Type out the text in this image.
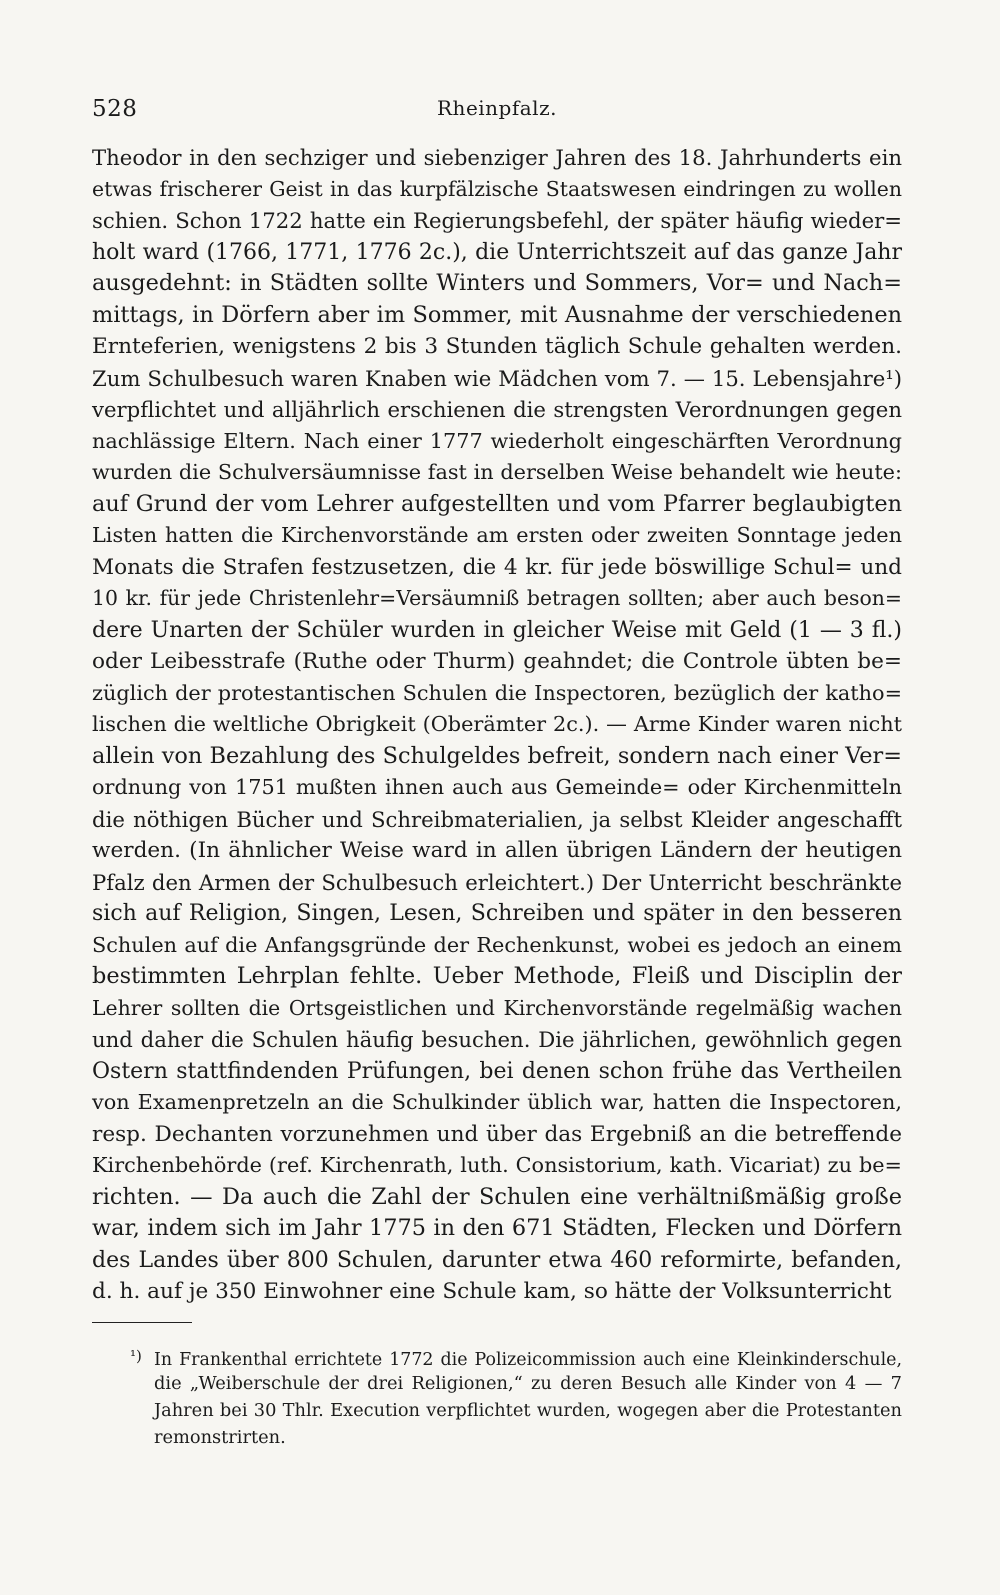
528	Rheinpfalz.
Theodor in den sechziger und siebenziger Jahren des 18. Jahrhunderts ein
etwas frischerer Geist in das kurpfälzische Staatswesen eindringen zu wollen
schien. Schon 1722 hatte ein Regierungsbefehl, der später häufig wieder=
holt ward (1766, 1771, 1776 2c.), die Unterrichtszeit auf das ganze Jahr
ausgedehnt: in Städten sollte Winters und Sommers, Vor= und Nach=
mittags, in Dörfern aber im Sommer, mit Ausnahme der verschiedenen
Ernteferien, wenigstens 2 bis 3 Stunden täglich Schule gehalten werden.
Zum Schulbesuch waren Knaben wie Mädchen vom 7. — 15. Lebensjahre¹)
verpflichtet und alljährlich erschienen die strengsten Verordnungen gegen
nachlässige Eltern. Nach einer 1777 wiederholt eingeschärften Verordnung
wurden die Schulversäumnisse fast in derselben Weise behandelt wie heute:
auf Grund der vom Lehrer aufgestellten und vom Pfarrer beglaubigten
Listen hatten die Kirchenvorstände am ersten oder zweiten Sonntage jeden
Monats die Strafen festzusetzen, die 4 kr. für jede böswillige Schul= und
10 kr. für jede Christenlehr=Versäumniß betragen sollten; aber auch beson=
dere Unarten der Schüler wurden in gleicher Weise mit Geld (1 — 3 fl.)
oder Leibesstrafe (Ruthe oder Thurm) geahndet; die Controle übten be=
züglich der protestantischen Schulen die Inspectoren, bezüglich der katho=
lischen die weltliche Obrigkeit (Oberämter 2c.). — Arme Kinder waren nicht
allein von Bezahlung des Schulgeldes befreit, sondern nach einer Ver=
ordnung von 1751 mußten ihnen auch aus Gemeinde= oder Kirchenmitteln
die nöthigen Bücher und Schreibmaterialien, ja selbst Kleider angeschafft
werden. (In ähnlicher Weise ward in allen übrigen Ländern der heutigen
Pfalz den Armen der Schulbesuch erleichtert.) Der Unterricht beschränkte
sich auf Religion, Singen, Lesen, Schreiben und später in den besseren
Schulen auf die Anfangsgründe der Rechenkunst, wobei es jedoch an einem
bestimmten Lehrplan fehlte. Ueber Methode, Fleiß und Disciplin der
Lehrer sollten die Ortsgeistlichen und Kirchenvorstände regelmäßig wachen
und daher die Schulen häufig besuchen. Die jährlichen, gewöhnlich gegen
Ostern stattfindenden Prüfungen, bei denen schon frühe das Vertheilen
von Examenpretzeln an die Schulkinder üblich war, hatten die Inspectoren,
resp. Dechanten vorzunehmen und über das Ergebniß an die betreffende
Kirchenbehörde (ref. Kirchenrath, luth. Consistorium, kath. Vicariat) zu be=
richten. — Da auch die Zahl der Schulen eine verhältnißmäßig große
war, indem sich im Jahr 1775 in den 671 Städten, Flecken und Dörfern
des Landes über 800 Schulen, darunter etwa 460 reformirte, befanden,
d. h. auf je 350 Einwohner eine Schule kam, so hätte der Volksunterricht
¹) In Frankenthal errichtete 1772 die Polizeicommission auch eine Kleinkinderschule,
die „Weiberschule der drei Religionen,“ zu deren Besuch alle Kinder von 4 — 7
Jahren bei 30 Thlr. Execution verpflichtet wurden, wogegen aber die Protestanten
remonstrirten.
